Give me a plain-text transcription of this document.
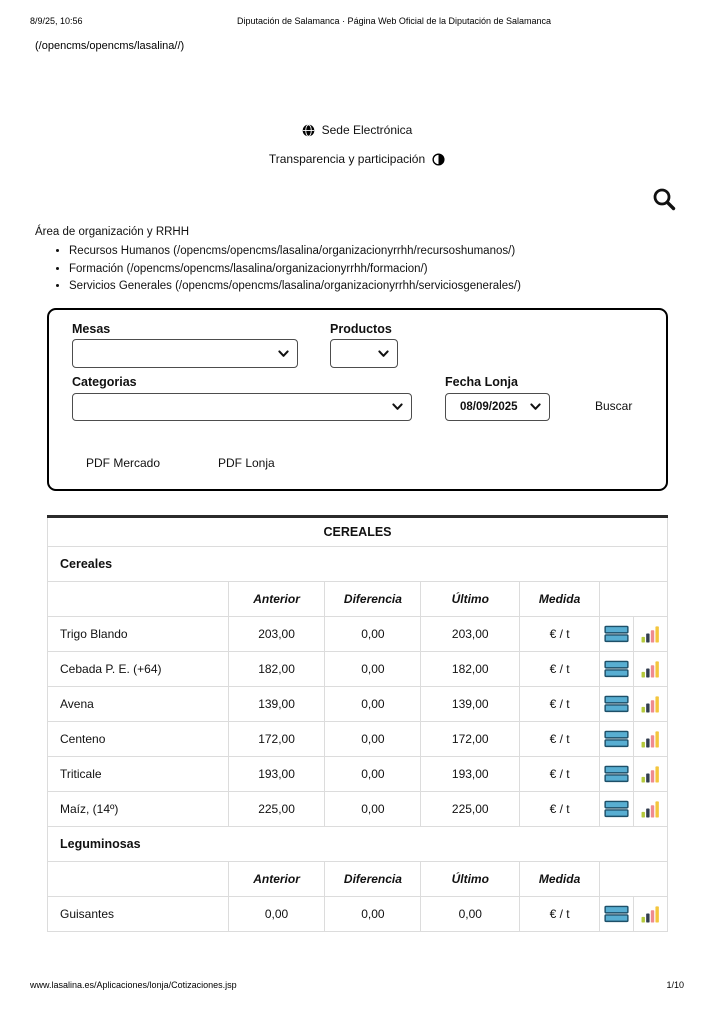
8/9/25, 10:56	Diputación de Salamanca · Página Web Oficial de la Diputación de Salamanca
(/opencms/opencms/lasalina//)
Sede Electrónica
Transparencia y participación
Área de organización y RRHH
• Recursos Humanos (/opencms/opencms/lasalina/organizacionyrrhh/recursoshumanos/)
• Formación (/opencms/opencms/lasalina/organizacionyrrhh/formacion/)
• Servicios Generales (/opencms/opencms/lasalina/organizacionyrrhh/serviciosgenerales/)
Mesas	Productos
Categorias	Fecha Lonja
08/09/2025	Buscar
PDF Mercado	PDF Lonja
CEREALES						
Cereales						
	Anterior	Diferencia	Último	Medida		
Trigo Blando	203,00	0,00	203,00	€ / t	

Cebada P. E. (+64)	182,00	0,00	182,00	€ / t	

Avena	139,00	0,00	139,00	€ / t	

Centeno	172,00	0,00	172,00	€ / t	

Triticale	193,00	0,00	193,00	€ / t	

Maíz, (14º)	225,00	0,00	225,00	€ / t	

Leguminosas						
	Anterior	Diferencia	Último	Medida		
Guisantes	0,00	0,00	0,00	€ / t	

www.lasalina.es/Aplicaciones/lonja/Cotizaciones.jsp	1/10
